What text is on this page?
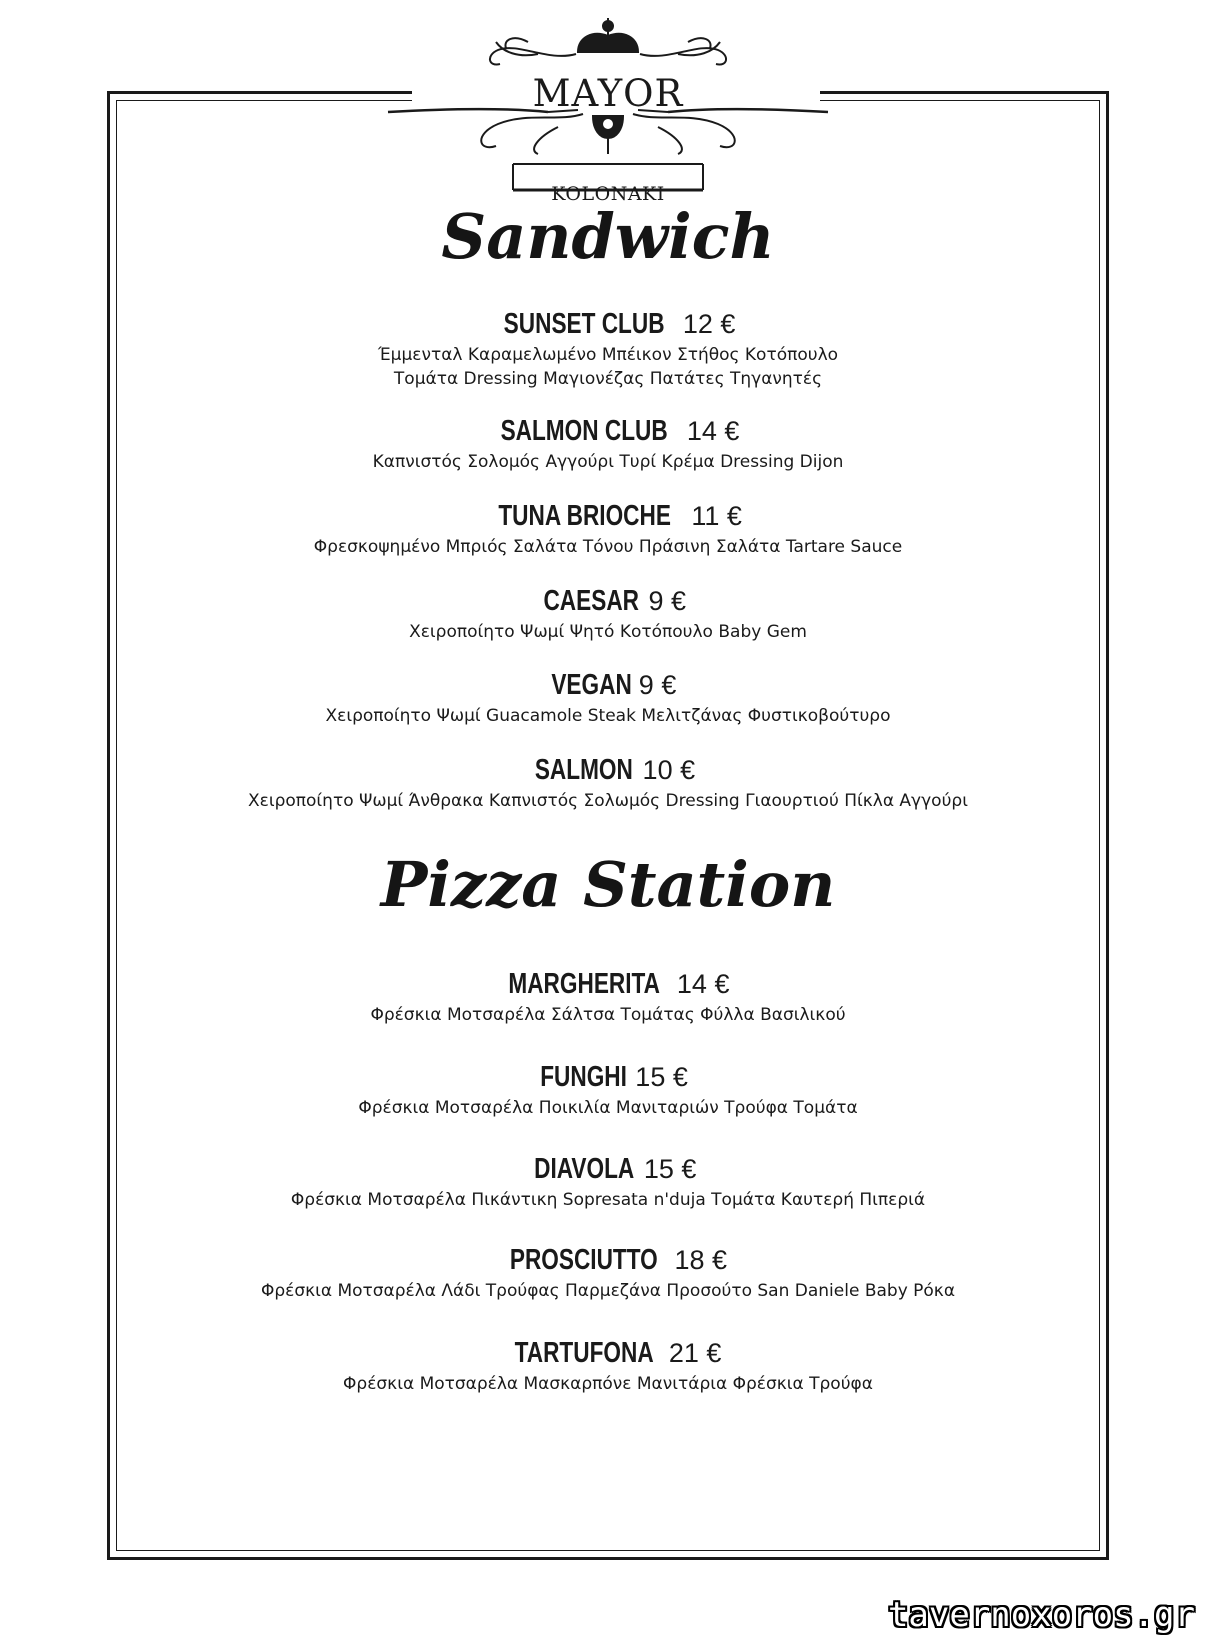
MAYOR
KOLONAKI
Sandwich
SUNSET CLUB 12 €
Έμμενταλ Καραμελωμένο Μπέικον Στήθος Κοτόπουλο
Τομάτα Dressing Μαγιονέζας Πατάτες Τηγανητές
SALMON CLUB 14 €
Καπνιστός Σολομός Αγγούρι Τυρί Κρέμα Dressing Dijon
TUNA BRIOCHE 11 €
Φρεσκοψημένο Μπριός Σαλάτα Τόνου Πράσινη Σαλάτα Tartare Sauce
CAESAR 9 €
Χειροποίητο Ψωμί Ψητό Κοτόπουλο Baby Gem
VEGAN 9 €
Χειροποίητο Ψωμί Guacamole Steak Μελιτζάνας Φυστικοβούτυρο
SALMON 10 €
Χειροποίητο Ψωμί Άνθρακα Καπνιστός Σολωμός Dressing Γιαουρτιού Πίκλα Αγγούρι
Pizza Station
MARGHERITA 14 €
Φρέσκια Μοτσαρέλα Σάλτσα Τομάτας Φύλλα Βασιλικού
FUNGHI 15 €
Φρέσκια Μοτσαρέλα Ποικιλία Μανιταριών Τρούφα Τομάτα
DIAVOLA 15 €
Φρέσκια Μοτσαρέλα Πικάντικη Sopresata n'duja Τομάτα Καυτερή Πιπεριά
PROSCIUTTO 18 €
Φρέσκια Μοτσαρέλα Λάδι Τρούφας Παρμεζάνα Προσούτο San Daniele Baby Ρόκα
TARTUFONA 21 €
Φρέσκια Μοτσαρέλα Μασκαρπόνε Μανιτάρια Φρέσκια Τρούφα
tavernoxoros.gr
